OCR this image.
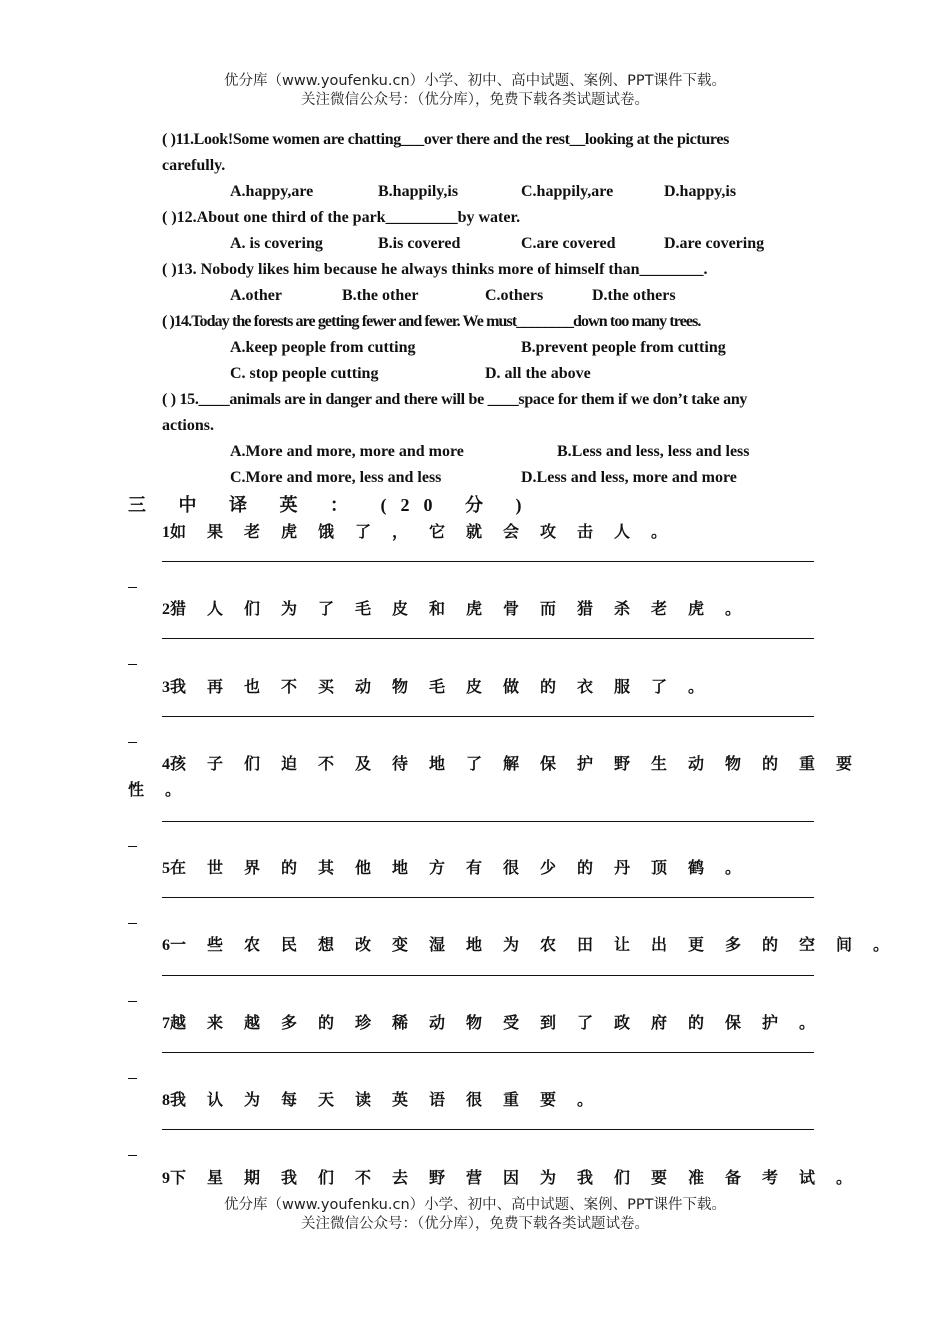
优分库（www.youfenku.cn）小学、初中、高中试题、案例、PPT课件下载。
关注微信公众号：（优分库），免费下载各类试题试卷。
( )11.Look!Some women are chatting___over there and the rest__looking at the pictures
carefully.
A.happy,are	B.happily,is	C.happily,are	D.happy,is
( )12.About one third of the park_________by water.
A. is covering	B.is covered	C.are covered	D.are covering
( )13. Nobody likes him because he always thinks more of himself than________.
A.other	B.the other	C.others	D.the others
( )14.Today the forests are getting fewer and fewer. We must________down too many trees.
A.keep people from cutting	B.prevent people from cutting
C. stop people cutting	D. all the above
( ) 15.____animals are in danger and there will be ____space for them if we don’t take any
actions.
A.More and more, more and more	B.Less and less, less and less
C.More and more, less and less	D.Less and less, more and more
三 中 译 英 ： (20 分 )
1如 果 老 虎 饿 了 ， 它 就 会 攻 击 人 。
2猎 人 们 为 了 毛 皮 和 虎 骨 而 猎 杀 老 虎 。
3我 再 也 不 买 动 物 毛 皮 做 的 衣 服 了 。
4孩 子 们 迫 不 及 待 地 了 解 保 护 野 生 动 物 的 重 要
性 。
5在 世 界 的 其 他 地 方 有 很 少 的 丹 顶 鹤 。
6一 些 农 民 想 改 变 湿 地 为 农 田 让 出 更 多 的 空 间 。
7越 来 越 多 的 珍 稀 动 物 受 到 了 政 府 的 保 护 。
8我 认 为 每 天 读 英 语 很 重 要 。
9下 星 期 我 们 不 去 野 营 因 为 我 们 要 准 备 考 试 。
优分库（www.youfenku.cn）小学、初中、高中试题、案例、PPT课件下载。
关注微信公众号：（优分库），免费下载各类试题试卷。
